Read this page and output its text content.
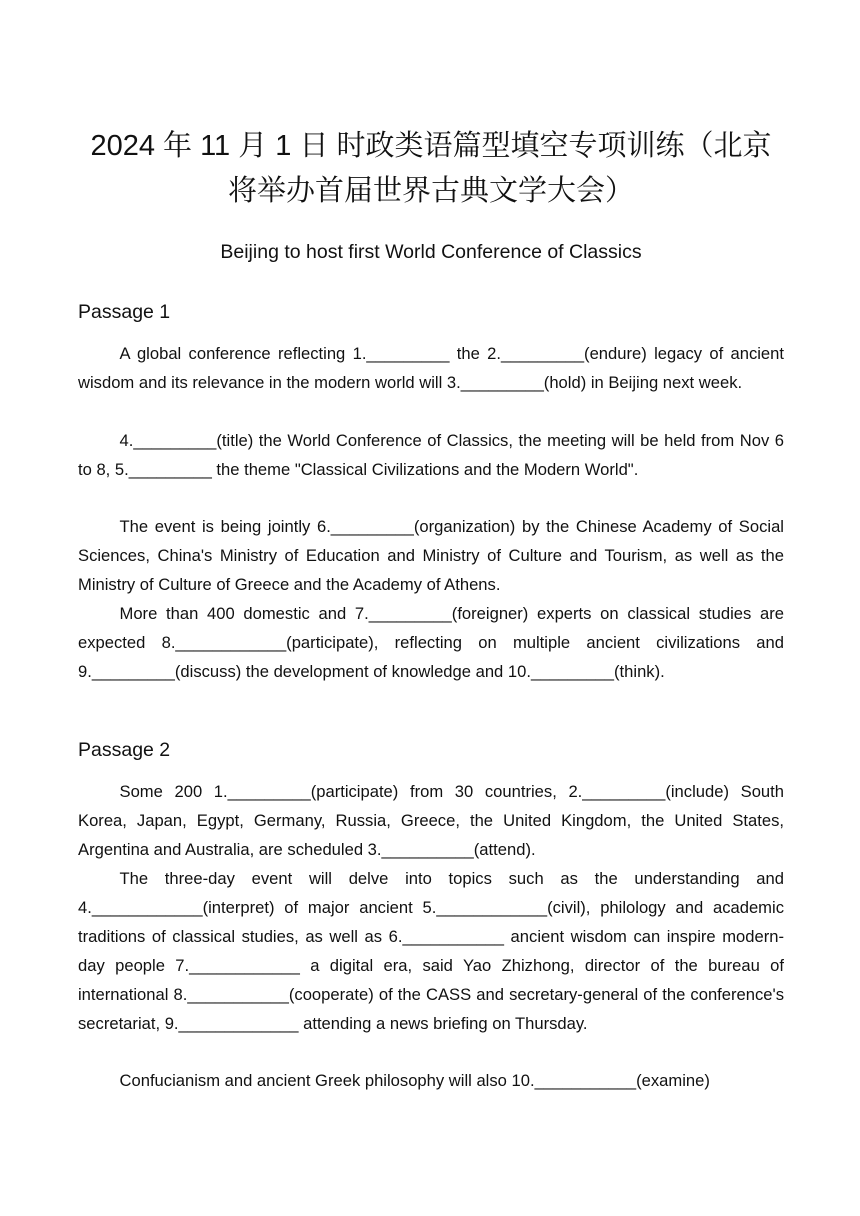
2024 年 11 月 1 日 时政类语篇型填空专项训练（北京将举办首届世界古典文学大会）

Beijing to host first World Conference of Classics

Passage 1

A global conference reflecting 1._________ the 2._________(endure) legacy of ancient wisdom and its relevance in the modern world will 3._________(hold) in Beijing next week.

4._________(title) the World Conference of Classics, the meeting will be held from Nov 6 to 8, 5._________ the theme "Classical Civilizations and the Modern World".

The event is being jointly 6._________(organization) by the Chinese Academy of Social Sciences, China's Ministry of Education and Ministry of Culture and Tourism, as well as the Ministry of Culture of Greece and the Academy of Athens.

More than 400 domestic and 7._________(foreigner) experts on classical studies are expected 8.____________(participate), reflecting on multiple ancient civilizations and 9._________(discuss) the development of knowledge and 10._________(think).

Passage 2

Some 200 1._________(participate) from 30 countries, 2._________(include) South Korea, Japan, Egypt, Germany, Russia, Greece, the United Kingdom, the United States, Argentina and Australia, are scheduled 3.__________(attend).

The three-day event will delve into topics such as the understanding and 4.____________(interpret) of major ancient 5.____________(civil), philology and academic traditions of classical studies, as well as 6.___________ ancient wisdom can inspire modern-day people 7.____________ a digital era, said Yao Zhizhong, director of the bureau of international 8.___________(cooperate) of the CASS and secretary-general of the conference's secretariat, 9._____________ attending a news briefing on Thursday.

Confucianism and ancient Greek philosophy will also 10.___________(examine)
